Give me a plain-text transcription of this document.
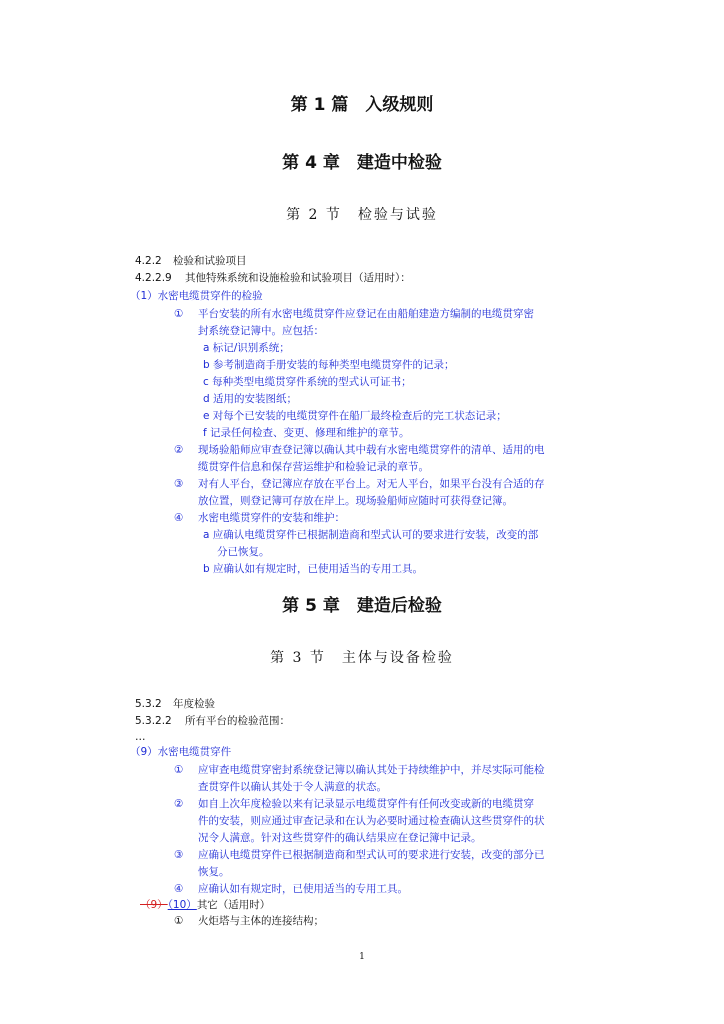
第 1 篇　入级规则
第 4 章　建造中检验
第 2 节　检验与试验
4.2.2 检验和试验项目
4.2.2.9 其他特殊系统和设施检验和试验项目（适用时）：
（1）水密电缆贯穿件的检验
① 平台安装的所有水密电缆贯穿件应登记在由船舶建造方编制的电缆贯穿密
封系统登记簿中。应包括：
a 标记/识别系统；
b 参考制造商手册安装的每种类型电缆贯穿件的记录；
c 每种类型电缆贯穿件系统的型式认可证书；
d 适用的安装图纸；
e 对每个已安装的电缆贯穿件在船厂最终检查后的完工状态记录；
f 记录任何检查、变更、修理和维护的章节。
② 现场验船师应审查登记簿以确认其中载有水密电缆贯穿件的清单、适用的电
缆贯穿件信息和保存营运维护和检验记录的章节。
③ 对有人平台，登记簿应存放在平台上。对无人平台，如果平台没有合适的存
放位置，则登记簿可存放在岸上。现场验船师应随时可获得登记簿。
④ 水密电缆贯穿件的安装和维护：
a 应确认电缆贯穿件已根据制造商和型式认可的要求进行安装，改变的部
分已恢复。
b 应确认如有规定时，已使用适当的专用工具。
第 5 章　建造后检验
第 3 节　主体与设备检验
5.3.2 年度检验
5.3.2.2 所有平台的检验范围：
…
（9）水密电缆贯穿件
① 应审查电缆贯穿密封系统登记簿以确认其处于持续维护中，并尽实际可能检
查贯穿件以确认其处于令人满意的状态。
② 如自上次年度检验以来有记录显示电缆贯穿件有任何改变或新的电缆贯穿
件的安装，则应通过审查记录和在认为必要时通过检查确认这些贯穿件的状
况令人满意。针对这些贯穿件的确认结果应在登记簿中记录。
③ 应确认电缆贯穿件已根据制造商和型式认可的要求进行安装，改变的部分已
恢复。
④ 应确认如有规定时，已使用适当的专用工具。
（9）（10）其它（适用时）
① 火炬塔与主体的连接结构；
1
